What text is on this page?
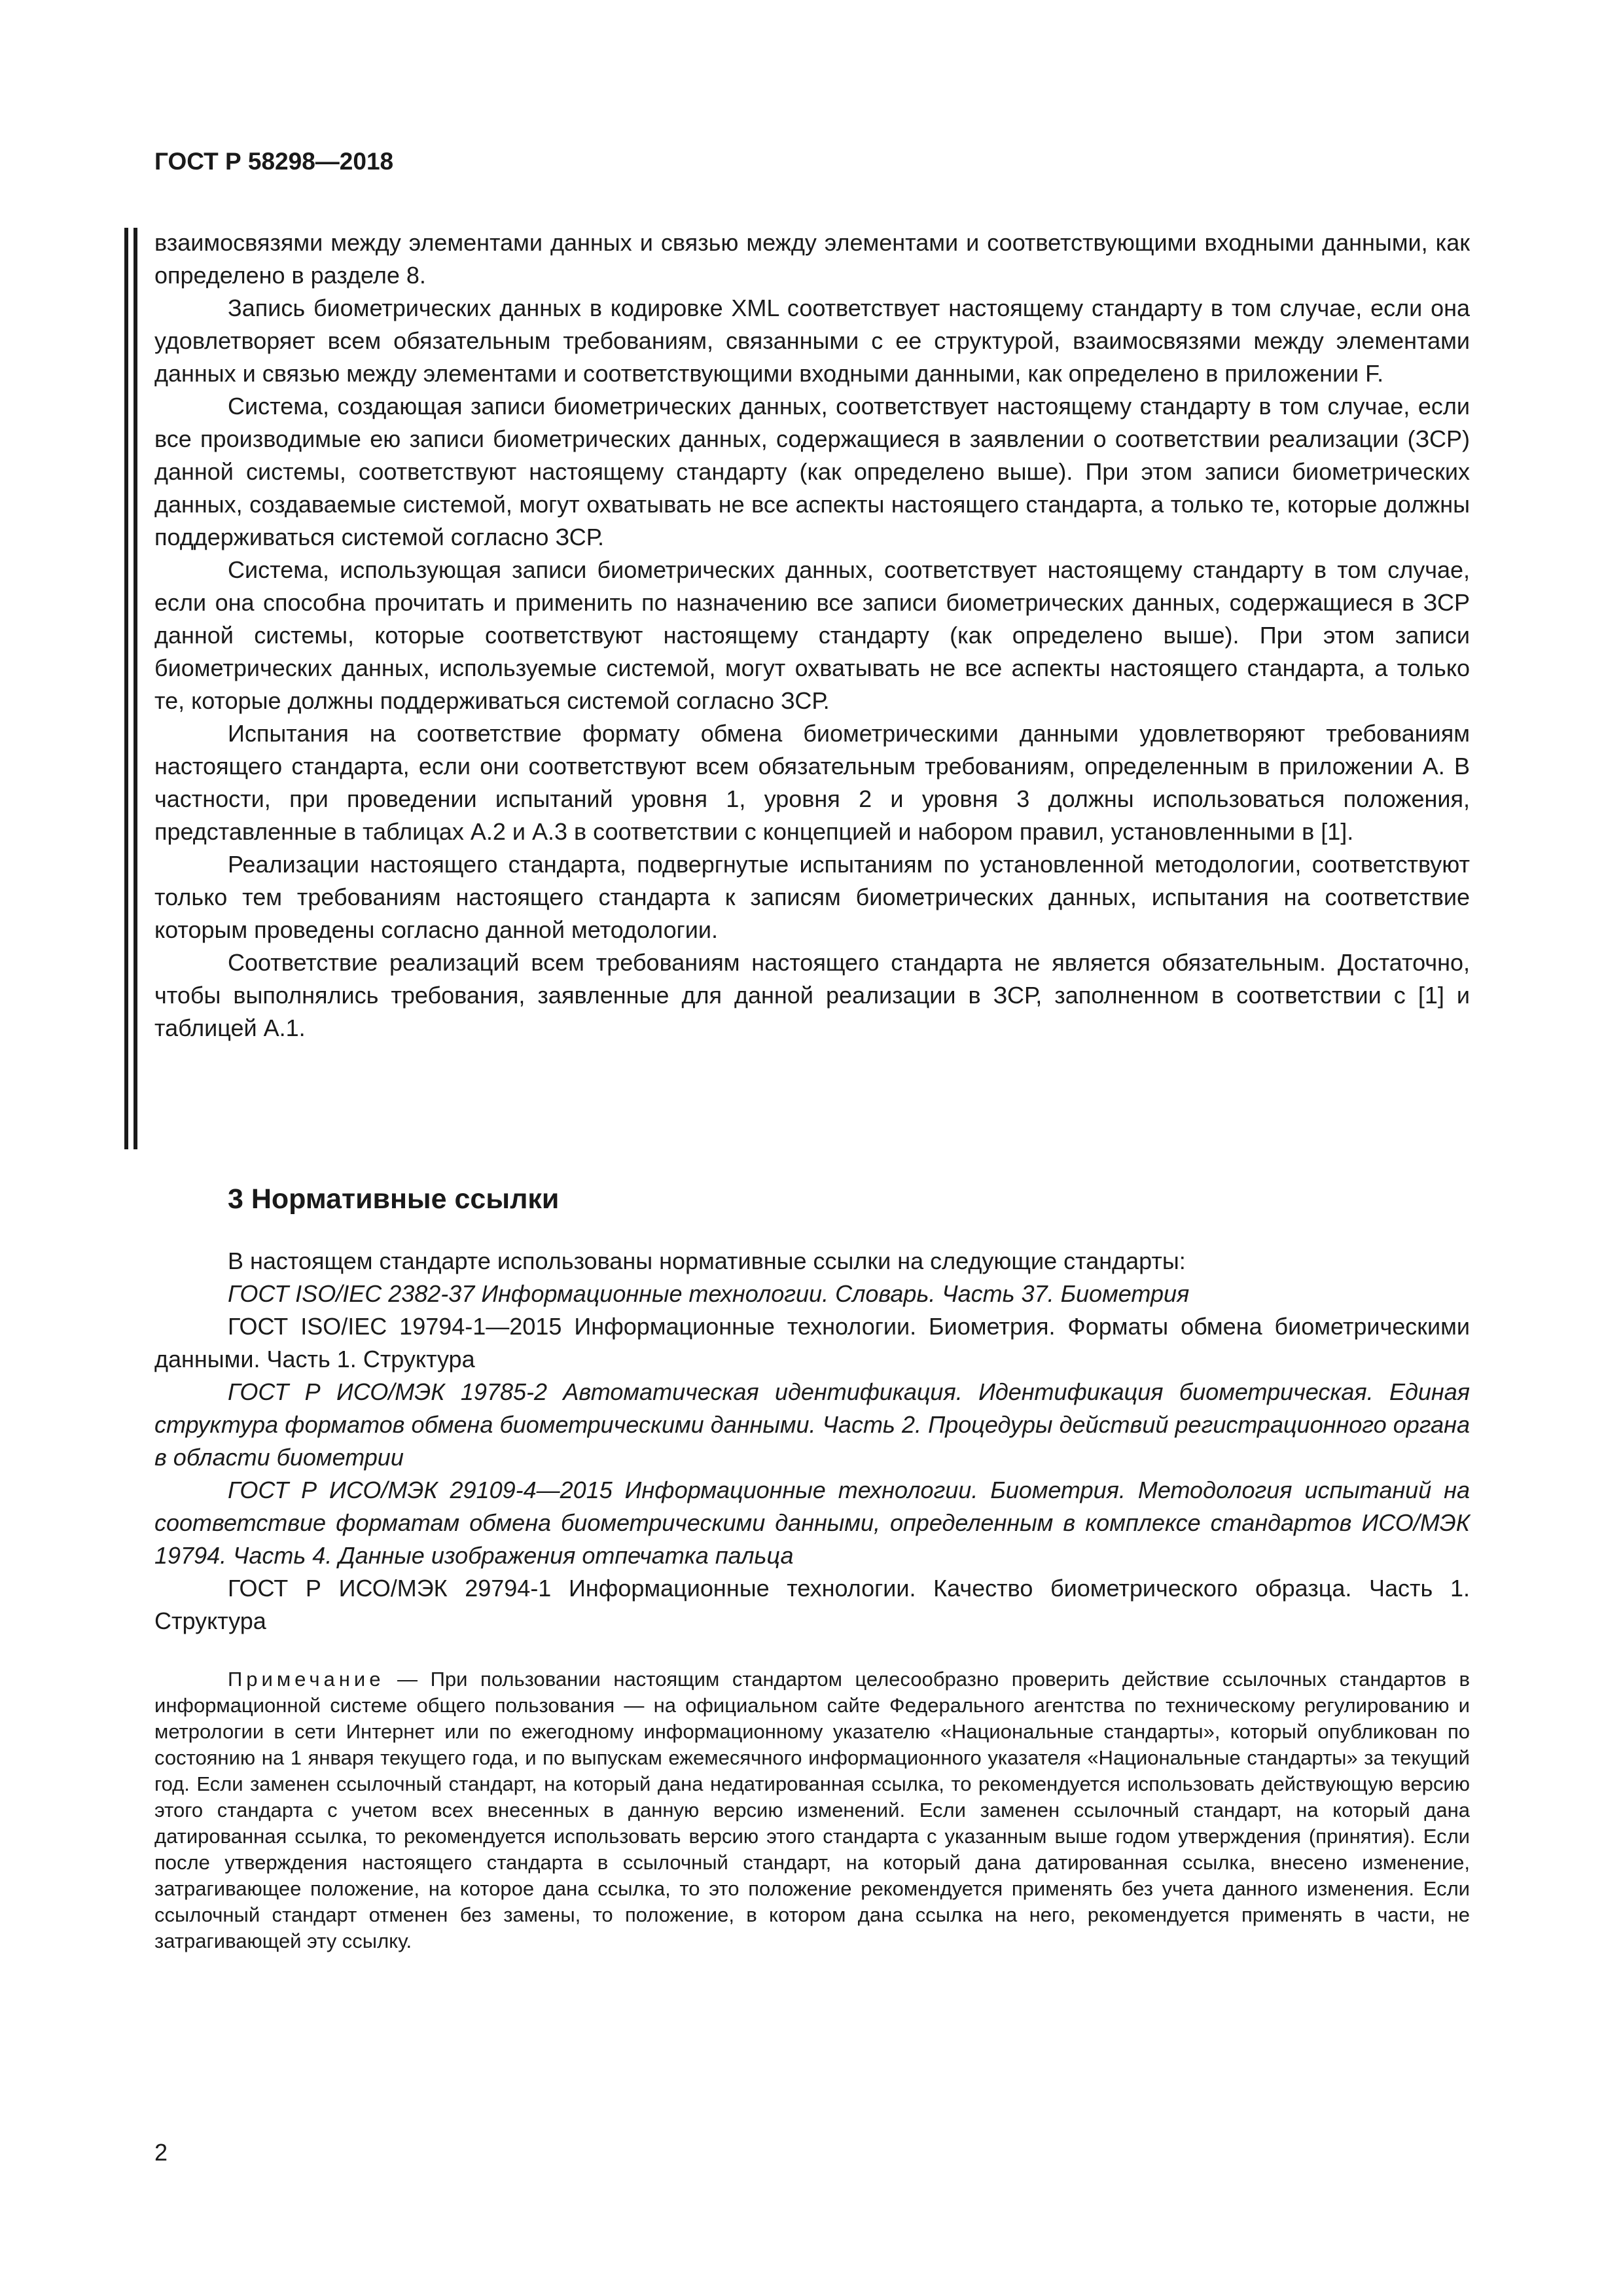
ГОСТ Р 58298—2018

взаимосвязями между элементами данных и связью между элементами и соответствующими входными данными, как определено в разделе 8.

Запись биометрических данных в кодировке XML соответствует настоящему стандарту в том случае, если она удовлетворяет всем обязательным требованиям, связанными с ее структурой, взаимосвязями между элементами данных и связью между элементами и соответствующими входными данными, как определено в приложении F.

Система, создающая записи биометрических данных, соответствует настоящему стандарту в том случае, если все производимые ею записи биометрических данных, содержащиеся в заявлении о соответствии реализации (ЗСР) данной системы, соответствуют настоящему стандарту (как определено выше). При этом записи биометрических данных, создаваемые системой, могут охватывать не все аспекты настоящего стандарта, а только те, которые должны поддерживаться системой согласно ЗСР.

Система, использующая записи биометрических данных, соответствует настоящему стандарту в том случае, если она способна прочитать и применить по назначению все записи биометрических данных, содержащиеся в ЗСР данной системы, которые соответствуют настоящему стандарту (как определено выше). При этом записи биометрических данных, используемые системой, могут охватывать не все аспекты настоящего стандарта, а только те, которые должны поддерживаться системой согласно ЗСР.

Испытания на соответствие формату обмена биометрическими данными удовлетворяют требованиям настоящего стандарта, если они соответствуют всем обязательным требованиям, определенным в приложении А. В частности, при проведении испытаний уровня 1, уровня 2 и уровня 3 должны использоваться положения, представленные в таблицах А.2 и А.3 в соответствии с концепцией и набором правил, установленными в [1].

Реализации настоящего стандарта, подвергнутые испытаниям по установленной методологии, соответствуют только тем требованиям настоящего стандарта к записям биометрических данных, испытания на соответствие которым проведены согласно данной методологии.

Соответствие реализаций всем требованиям настоящего стандарта не является обязательным. Достаточно, чтобы выполнялись требования, заявленные для данной реализации в ЗСР, заполненном в соответствии с [1] и таблицей А.1.

3 Нормативные ссылки

В настоящем стандарте использованы нормативные ссылки на следующие стандарты:

ГОСТ ISO/IEC 2382-37 Информационные технологии. Словарь. Часть 37. Биометрия

ГОСТ ISO/IEC 19794-1—2015 Информационные технологии. Биометрия. Форматы обмена биометрическими данными. Часть 1. Структура

ГОСТ Р ИСО/МЭК 19785-2 Автоматическая идентификация. Идентификация биометрическая. Единая структура форматов обмена биометрическими данными. Часть 2. Процедуры действий регистрационного органа в области биометрии

ГОСТ Р ИСО/МЭК 29109-4—2015 Информационные технологии. Биометрия. Методология испытаний на соответствие форматам обмена биометрическими данными, определенным в комплексе стандартов ИСО/МЭК 19794. Часть 4. Данные изображения отпечатка пальца

ГОСТ Р ИСО/МЭК 29794-1 Информационные технологии. Качество биометрического образца. Часть 1. Структура

Примечание — При пользовании настоящим стандартом целесообразно проверить действие ссылочных стандартов в информационной системе общего пользования — на официальном сайте Федерального агентства по техническому регулированию и метрологии в сети Интернет или по ежегодному информационному указателю «Национальные стандарты», который опубликован по состоянию на 1 января текущего года, и по выпускам ежемесячного информационного указателя «Национальные стандарты» за текущий год. Если заменен ссылочный стандарт, на который дана недатированная ссылка, то рекомендуется использовать действующую версию этого стандарта с учетом всех внесенных в данную версию изменений. Если заменен ссылочный стандарт, на который дана датированная ссылка, то рекомендуется использовать версию этого стандарта с указанным выше годом утверждения (принятия). Если после утверждения настоящего стандарта в ссылочный стандарт, на который дана датированная ссылка, внесено изменение, затрагивающее положение, на которое дана ссылка, то это положение рекомендуется применять без учета данного изменения. Если ссылочный стандарт отменен без замены, то положение, в котором дана ссылка на него, рекомендуется применять в части, не затрагивающей эту ссылку.
2
